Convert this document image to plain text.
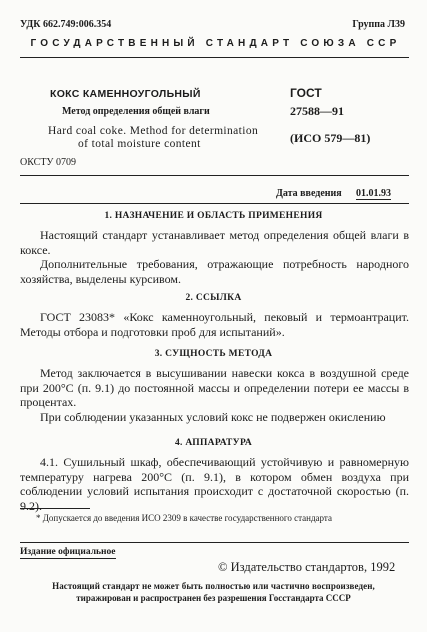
УДК 662.749:006.354	Группа Л39
ГОСУДАРСТВЕННЫЙ СТАНДАРТ СОЮЗА ССР
КОКС КАМЕННОУГОЛЬНЫЙ
Метод определения общей влаги
Hard coal coke. Method for determination
of total moisture content
ГОСТ
27588—91
(ИСО 579—81)
ОКСТУ 0709
Дата введения 01.01.93
1. НАЗНАЧЕНИЕ И ОБЛАСТЬ ПРИМЕНЕНИЯ

Настоящий стандарт устанавливает метод определения общей влаги в коксе.

Дополнительные требования, отражающие потребность народного хозяйства, выделены курсивом.

2. ССЫЛКА

ГОСТ 23083* «Кокс каменноугольный, пековый и термоантрацит. Методы отбора и подготовки проб для испытаний».

3. СУЩНОСТЬ МЕТОДА

Метод заключается в высушивании навески кокса в воздушной среде при 200°С (п. 9.1) до постоянной массы и определении потери ее массы в процентах.

При соблюдении указанных условий кокс не подвержен окислению

4. АППАРАТУРА

4.1. Сушильный шкаф, обеспечивающий устойчивую и равномерную температуру нагрева 200°С (п. 9.1), в котором обмен воздуха при соблюдении условий испытания происходит с достаточной скоростью (п. 9.2).

* Допускается до введения ИСО 2309 в качестве государственного стандарта
Издание официальное
© Издательство стандартов, 1992
Настоящий стандарт не может быть полностью или частично воспроизведен,
тиражирован и распространен без разрешения Госстандарта СССР
